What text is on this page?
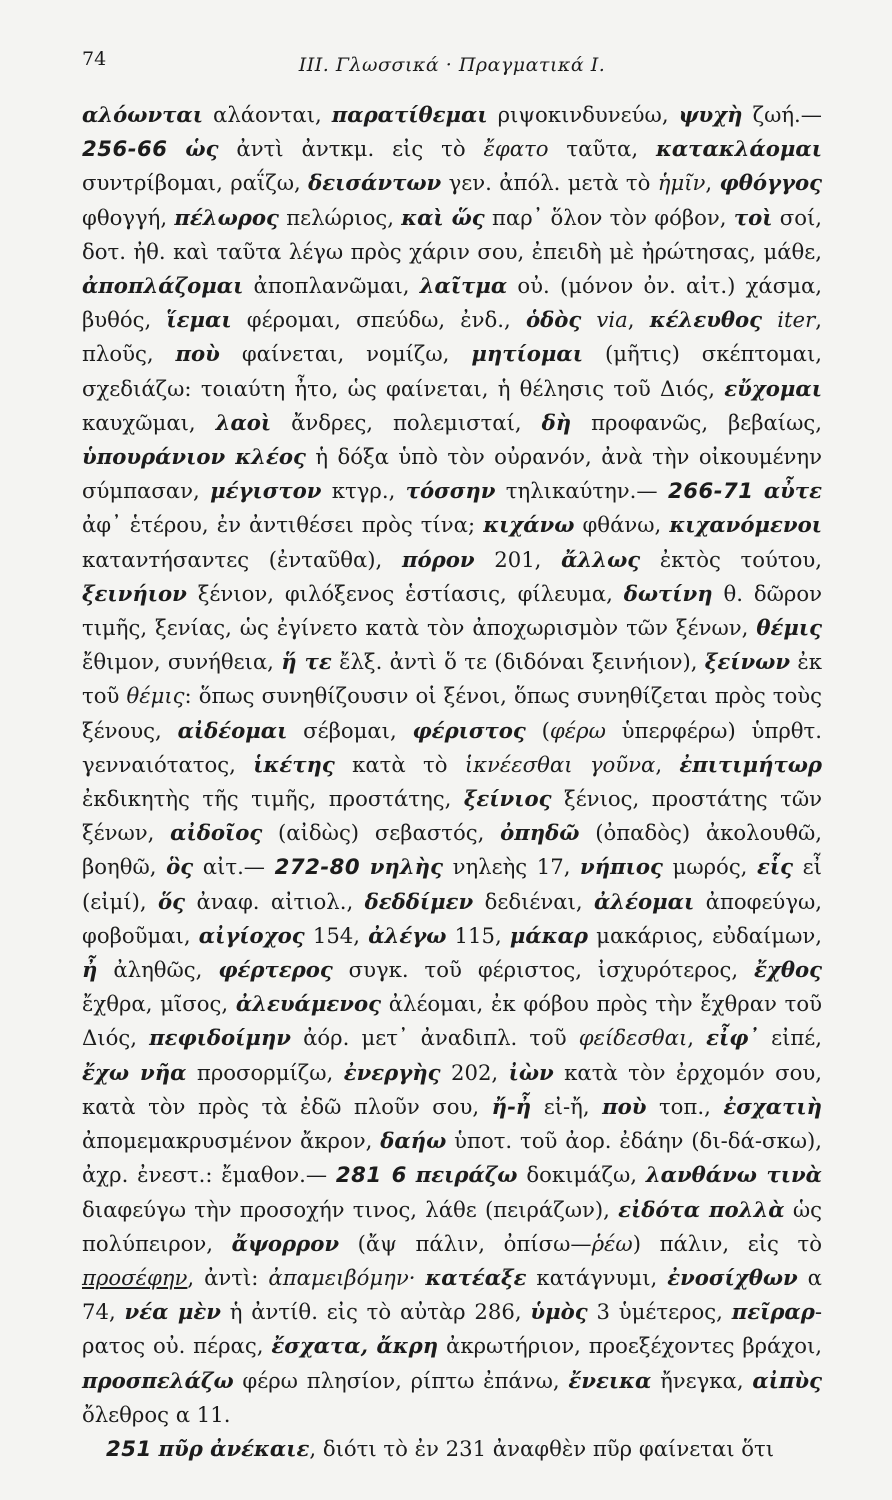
74	III. Γλωσσικά · Πραγματικά Ι.

αλόωνται αλάονται, παρατίθεμαι ριψοκινδυνεύω, ψυχὴ ζωή.— 256-66 ὡς ἀντὶ ἀντκμ. εἰς τὸ ἔφατο ταῦτα, κατακλάομαι συντρίβομαι, ραΐζω, δεισάντων γεν. ἀπόλ. μετὰ τὸ ἡμῖν, φθόγγος φθογγή, πέλωρος πελώριος, καὶ ὥς παρ᾽ ὅλον τὸν φόβον, τοὶ σοί, δοτ. ἠθ. καὶ ταῦτα λέγω πρὸς χάριν σου, ἐπειδὴ μὲ ἠρώτησας, μάθε, ἀποπλάζομαι ἀποπλανῶμαι, λαῖτμα οὐ. (μόνον ὀν. αἰτ.) χάσμα, βυθός, ἵεμαι φέρομαι, σπεύδω, ἐνδ., ὁδὸς via, κέλευθος iter, πλοῦς, ποὺ φαίνεται, νομίζω, μητίομαι (μῆτις) σκέπτομαι, σχεδιάζω: τοιαύτη ἦτο, ὡς φαίνεται, ἡ θέλησις τοῦ Διός, εὔχομαι καυχῶμαι, λαοὶ ἄνδρες, πολεμισταί, δὴ προφανῶς, βεβαίως, ὑπουράνιον κλέος ἡ δόξα ὑπὸ τὸν οὐρανόν, ἀνὰ τὴν οἰκουμένην σύμπασαν, μέγιστον κτγρ., τόσσην τηλικαύτην.— 266-71 αὖτε ἀφ᾽ ἑτέρου, ἐν ἀντιθέσει πρὸς τίνα; κιχάνω φθάνω, κιχανόμενοι κατανтήσαντες (ἐνταῦθα), πόρον 201, ἄλλως ἐκτὸς τούτου, ξεινήιον ξένιον, φιλόξενος ἑστίασις, φίλευμα, δωτίνη θ. δῶρον τιμῆς, ξενίας, ὡς ἐγίνετο κατὰ τὸν ἀποχωρισμὸν τῶν ξένων, θέμις ἔθιμον, συνήθεια, ἥ τε ἔλξ. ἀντὶ ὅ τε (διδόναι ξεινήιον), ξείνων ἐκ τοῦ θέμις: ὅπως συνηθίζουσιν οἱ ξένοι, ὅπως συνηθίζεται πρὸς τοὺς ξένους, αἰδέομαι σέβομαι, φέριστος (φέρω ὑπερφέρω) ὑπρθτ. γενναιότατος, ἱκέτης κατὰ τὸ ἱκνέεσθαι γοῦνα, ἐπιτιμήτωρ ἐκδικητὴς τῆς τιμῆς, προστάτης, ξείνιος ξένιος, προστάτης τῶν ξένων, αἰδοῖος (αἰδὼς) σεβαστός, ὀπηδῶ (ὀπαδὸς) ἀκολουθῶ, βοηθῶ, ὃς αἰτ.— 272-80 νηλὴς νηλεὴς 17, νήπιος μωρός, εἷς εἶ (εἰμί), ὅς ἀναφ. αἰτιολ., δεδδίμεν δεδιέναι, ἀλέομαι ἀποφεύγω, φοβοῦμαι, αἰγίοχος 154, ἀλέγω 115, μάκαρ μακάριος, εὐδαίμων, ἦ ἀληθῶς, φέρτερος συγκ. τοῦ φέριστος, ἰσχυρότερος, ἔχθος ἔχθρα, μῖσος, ἀλευάμενος ἀλέομαι, ἐκ φόβου πρὸς τὴν ἔχθραν τοῦ Διός, πεφιδοίμην ἀόρ. μετ᾽ ἀναδιπλ. τοῦ φείδεσθαι, εἶφ᾽ εἰπέ, ἔχω νῆα προσορμίζω, ἐνεργὴς 202, ἰὼν κατὰ τὸν ἐρχομόν σου, κατὰ τὸν πρὸς τὰ ἐδῶ πλοῦν σου, ἤ-ἦ εἰ-ἤ, ποὺ τοπ., ἐσχατιὴ ἀπομεμακρυσμένον ἄκρον, δαήω ὑποτ. τοῦ ἀορ. ἐδάην (δι-δά-σκω), ἀχρ. ἐνεστ.: ἔμαθον.— 281 6 πειράζω δοκιμάζω, λανθάνω τινὰ διαφεύγω τὴν προσοχήν τινος, λάθε (πειράζων), εἰδότα πολλὰ ὡς πολύπειρον, ἄψορρον (ἄψ πάλιν, ὀπίσω—ῥέω) πάλιν, εἰς τὸ προσέφην, ἀντὶ: ἀπαμειβόμην· κατέαξε κατάγνυμι, ἐνοσίχθων α 74, νέα μὲν ἡ ἀντίθ. εἰς τὸ αὐτὰρ 286, ὑμὸς 3 ὑμέτερος, πεῖραρ-ρατος οὐ. πέρας, ἔσχατα, ἄκρη ἀκρωτήριον, προεξέχοντες βράχοι, προσπελάζω φέρω πλησίον, ρίπτω ἐπάνω, ἔνεικα ἤνεγκα, αἰπὺς ὄλεθρος α 11.

251 πῦρ ἀνέκαιε, διότι τὸ ἐν 231 ἀναφθὲν πῦρ φαίνεται ὅτι
